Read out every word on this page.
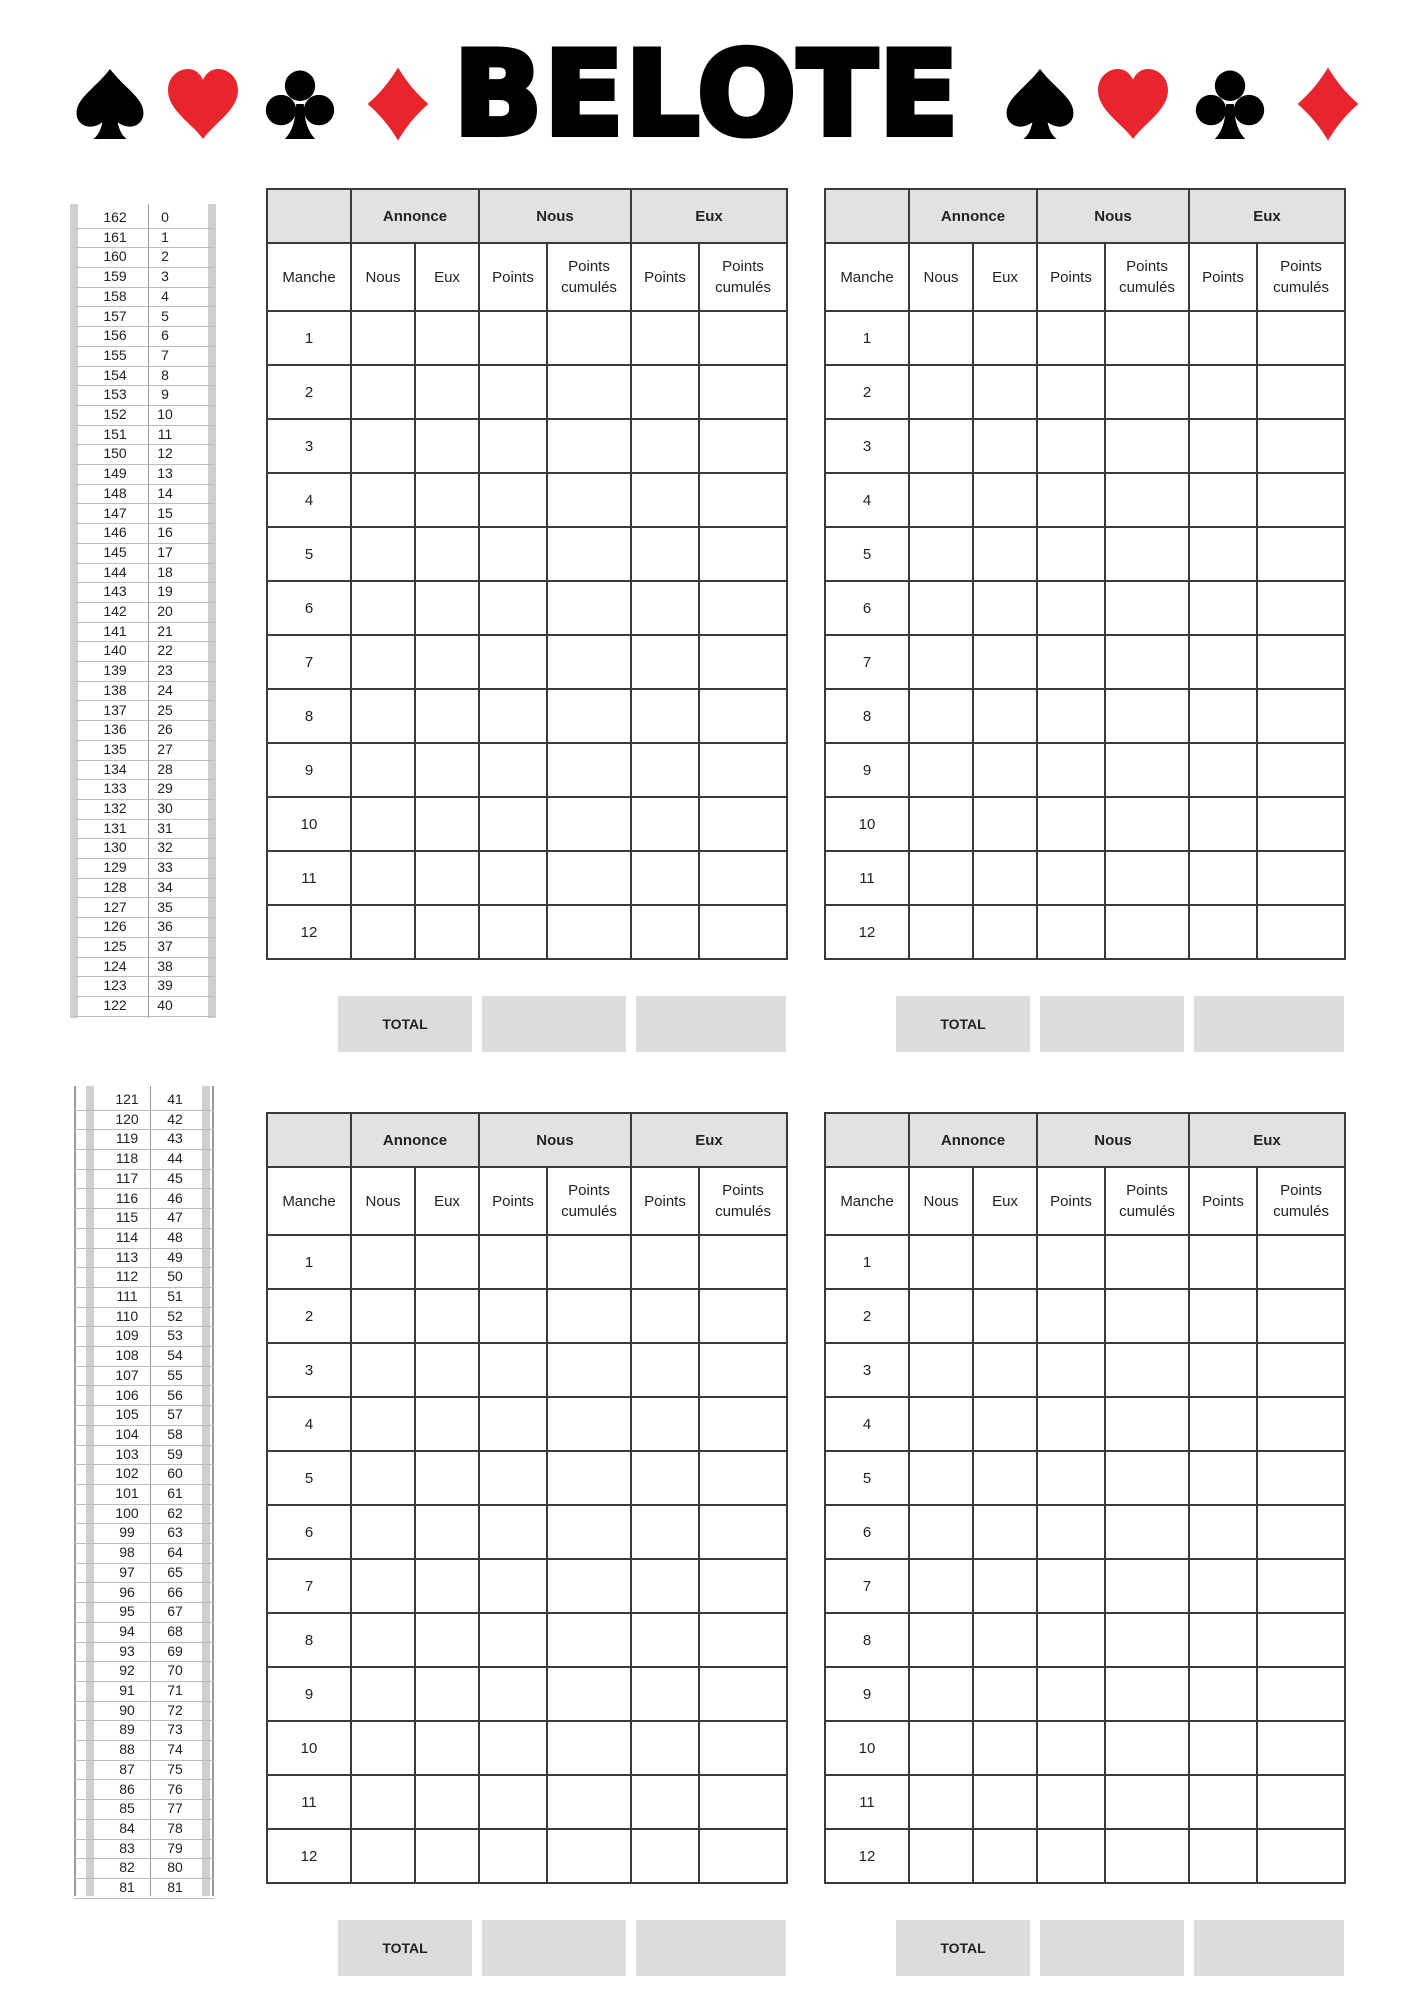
BELOTE
162	0
161	1
160	2
159	3
158	4
157	5
156	6
155	7
154	8
153	9
152	10
151	11
150	12
149	13
148	14
147	15
146	16
145	17
144	18
143	19
142	20
141	21
140	22
139	23
138	24
137	25
136	26
135	27
134	28
133	29
132	30
131	31
130	32
129	33
128	34
127	35
126	36
125	37
124	38
123	39
122	40
121	41
120	42
119	43
118	44
117	45
116	46
115	47
114	48
113	49
112	50
111	51
110	52
109	53
108	54
107	55
106	56
105	57
104	58
103	59
102	60
101	61
100	62
99	63
98	64
97	65
96	66
95	67
94	68
93	69
92	70
91	71
90	72
89	73
88	74
87	75
86	76
85	77
84	78
83	79
82	80
81	81
	Annonce		Nous		Eux	
Manche	Nous	Eux	Points	Points cumulés	Points	Points cumulés
1						
2						
3						
4						
5						
6						
7						
8						
9						
10						
11						
12						
TOTAL
	Annonce		Nous		Eux	
Manche	Nous	Eux	Points	Points cumulés	Points	Points cumulés
1						
2						
3						
4						
5						
6						
7						
8						
9						
10						
11						
12						
TOTAL
	Annonce		Nous		Eux	
Manche	Nous	Eux	Points	Points cumulés	Points	Points cumulés
1						
2						
3						
4						
5						
6						
7						
8						
9						
10						
11						
12						
TOTAL
	Annonce		Nous		Eux	
Manche	Nous	Eux	Points	Points cumulés	Points	Points cumulés
1						
2						
3						
4						
5						
6						
7						
8						
9						
10						
11						
12						
TOTAL
